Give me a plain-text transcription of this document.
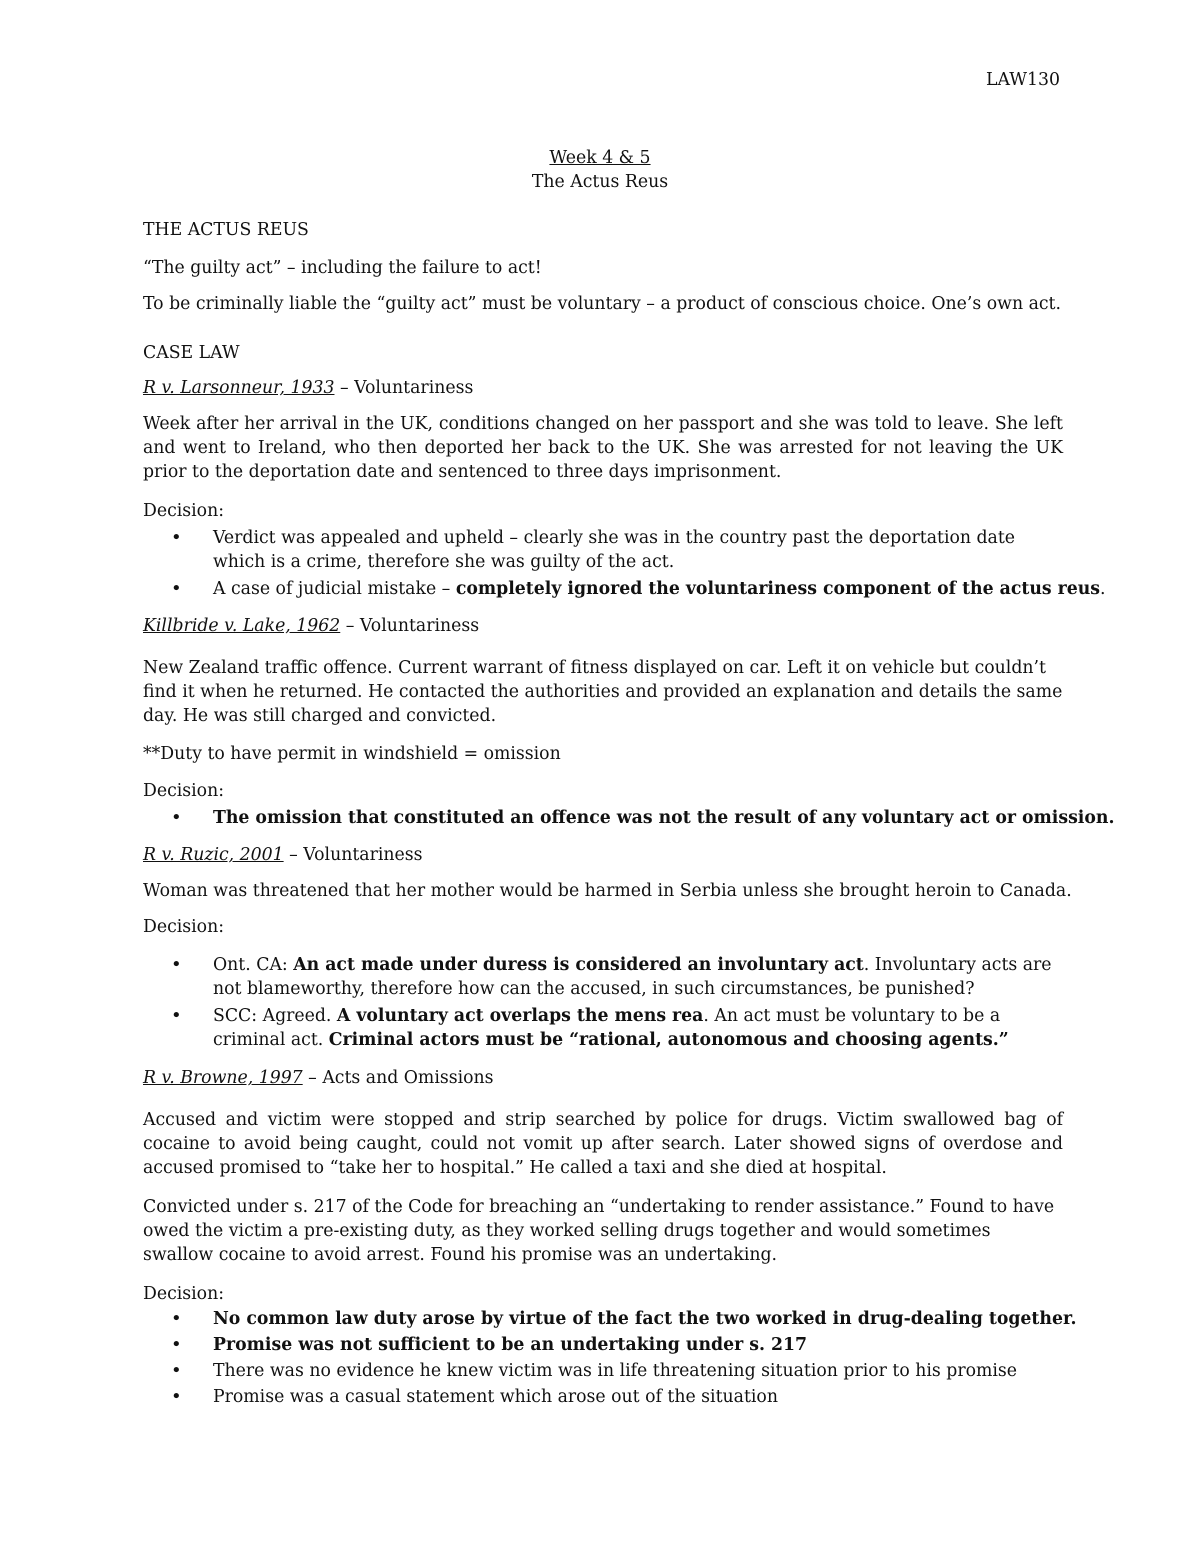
LAW130
Week 4 & 5
The Actus Reus
THE ACTUS REUS
“The guilty act” – including the failure to act!
To be criminally liable the “guilty act” must be voluntary – a product of conscious choice. One’s own act.
CASE LAW
R v. Larsonneur, 1933 – Voluntariness
Week after her arrival in the UK, conditions changed on her passport and she was told to leave. She left and went to Ireland, who then deported her back to the UK. She was arrested for not leaving the UK prior to the deportation date and sentenced to three days imprisonment.
Decision:
•	Verdict was appealed and upheld – clearly she was in the country past the deportation date which is a crime, therefore she was guilty of the act.
•	A case of judicial mistake – completely ignored the voluntariness component of the actus reus.
Killbride v. Lake, 1962 – Voluntariness
New Zealand traffic offence. Current warrant of fitness displayed on car. Left it on vehicle but couldn’t find it when he returned. He contacted the authorities and provided an explanation and details the same day. He was still charged and convicted.
**Duty to have permit in windshield = omission
Decision:
•	The omission that constituted an offence was not the result of any voluntary act or omission.
R v. Ruzic, 2001 – Voluntariness
Woman was threatened that her mother would be harmed in Serbia unless she brought heroin to Canada.
Decision:
•	Ont. CA: An act made under duress is considered an involuntary act. Involuntary acts are not blameworthy, therefore how can the accused, in such circumstances, be punished?
•	SCC: Agreed. A voluntary act overlaps the mens rea. An act must be voluntary to be a criminal act. Criminal actors must be “rational, autonomous and choosing agents.”
R v. Browne, 1997 – Acts and Omissions
Accused and victim were stopped and strip searched by police for drugs. Victim swallowed bag of cocaine to avoid being caught, could not vomit up after search. Later showed signs of overdose and accused promised to “take her to hospital.” He called a taxi and she died at hospital.
Convicted under s. 217 of the Code for breaching an “undertaking to render assistance.” Found to have owed the victim a pre-existing duty, as they worked selling drugs together and would sometimes swallow cocaine to avoid arrest. Found his promise was an undertaking.
Decision:
•	No common law duty arose by virtue of the fact the two worked in drug-dealing together.
•	Promise was not sufficient to be an undertaking under s. 217
•	There was no evidence he knew victim was in life threatening situation prior to his promise
•	Promise was a casual statement which arose out of the situation
